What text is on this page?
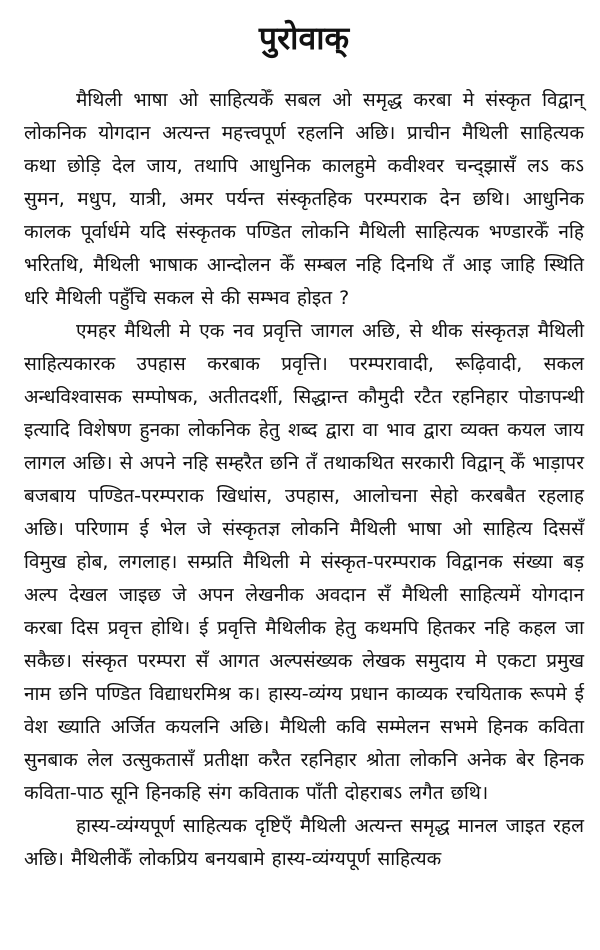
पुरोवाक्

मैथिली भाषा ओ साहित्यकेँ सबल ओ समृद्ध करबा मे संस्कृत विद्वान् लोकनिक योगदान अत्यन्त महत्त्वपूर्ण रहलनि अछि। प्राचीन मैथिली साहित्यक कथा छोड़ि देल जाय, तथापि आधुनिक कालहुमे कवीश्वर चन्द्झासँ लऽ कऽ सुमन, मधुप, यात्री, अमर पर्यन्त संस्कृतहिक परम्पराक देन छथि। आधुनिक कालक पूर्वार्धमे यदि संस्कृतक पण्डित लोकनि मैथिली साहित्यक भण्डारकेँ नहि भरितथि, मैथिली भाषाक आन्दोलन केँ सम्बल नहि दिनथि तँ आइ जाहि स्थिति धरि मैथिली पहुँचि सकल से की सम्भव होइत ?

एमहर मैथिली मे एक नव प्रवृत्ति जागल अछि, से थीक संस्कृतज्ञ मैथिली साहित्यकारक उपहास करबाक प्रवृत्ति। परम्परावादी, रूढ़िवादी, सकल अन्धविश्वासक सम्पोषक, अतीतदर्शी, सिद्धान्त कौमुदी रटैत रहनिहार पोङापन्थी इत्यादि विशेषण हुनका लोकनिक हेतु शब्द द्वारा वा भाव द्वारा व्यक्त कयल जाय लागल अछि। से अपने नहि सम्हरैत छनि तँ तथाकथित सरकारी विद्वान् केँ भाड़ापर बजबाय पण्डित-परम्पराक खिधांस, उपहास, आलोचना सेहो करबबैत रहलाह अछि। परिणाम ई भेल जे संस्कृतज्ञ लोकनि मैथिली भाषा ओ साहित्य दिससँ विमुख होब, लगलाह। सम्प्रति मैथिली मे संस्कृत-परम्पराक विद्वानक संख्या बड़ अल्प देखल जाइछ जे अपन लेखनीक अवदान सँ मैथिली साहित्यमें योगदान करबा दिस प्रवृत्त होथि। ई प्रवृत्ति मैथिलीक हेतु कथमपि हितकर नहि कहल जा सकैछ। संस्कृत परम्परा सँ आगत अल्पसंख्यक लेखक समुदाय मे एकटा प्रमुख नाम छनि पण्डित विद्याधरमिश्र क। हास्य-व्यंग्य प्रधान काव्यक रचयिताक रूपमे ई वेश ख्याति अर्जित कयलनि अछि। मैथिली कवि सम्मेलन सभमे हिनक कविता सुनबाक लेल उत्सुकतासँ प्रतीक्षा करैत रहनिहार श्रोता लोकनि अनेक बेर हिनक कविता-पाठ सूनि हिनकहि संग कविताक पाँती दोहराबऽ लगैत छथि।

हास्य-व्यंग्यपूर्ण साहित्यक दृष्टिएँ मैथिली अत्यन्त समृद्ध मानल जाइत रहल अछि। मैथिलीकेँ लोकप्रिय बनयबामे हास्य-व्यंग्यपूर्ण साहित्यक
